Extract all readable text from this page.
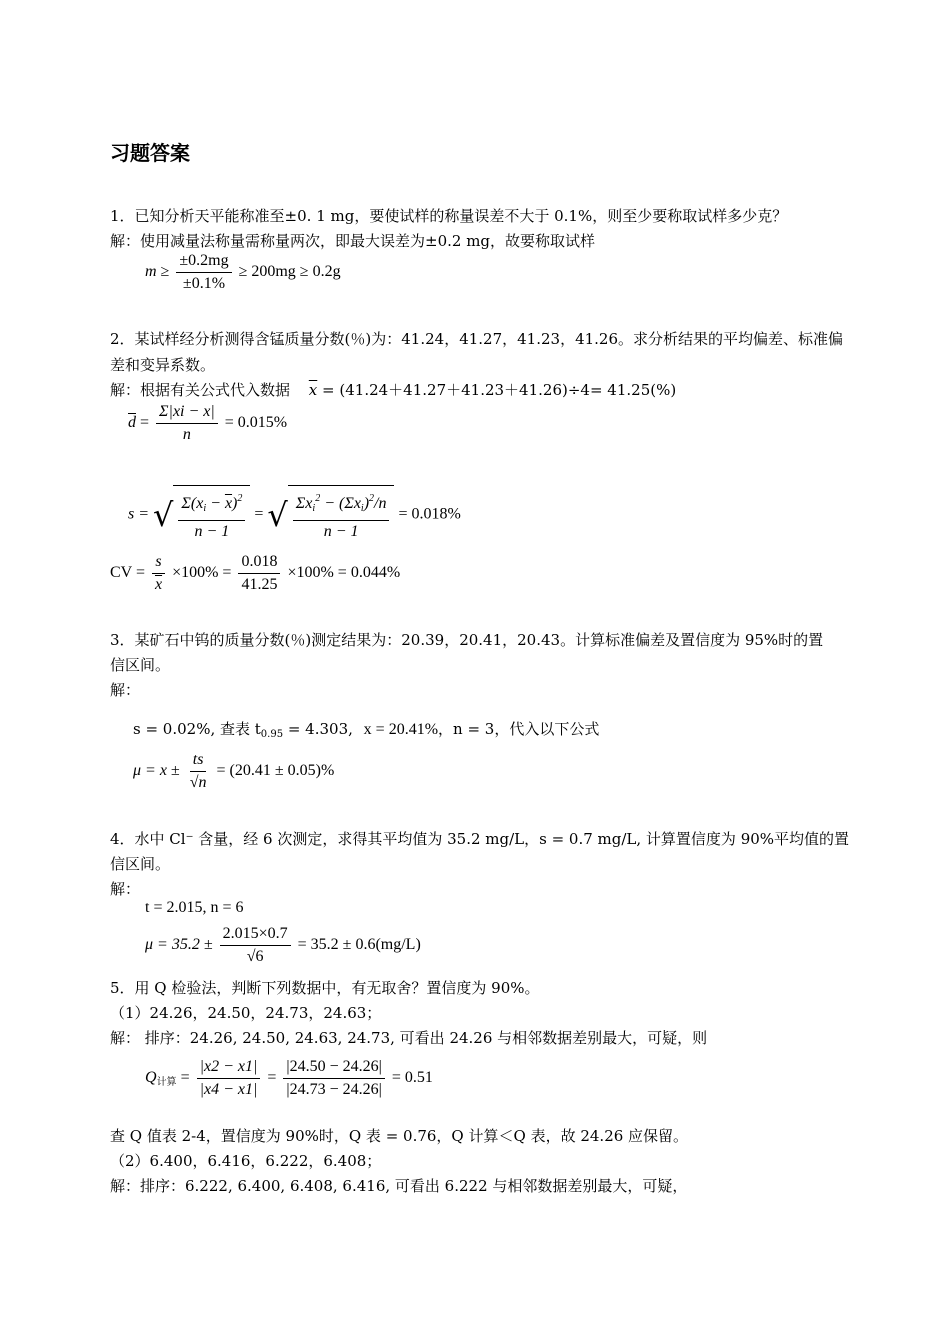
习题答案
1．已知分析天平能称准至±0. 1 mg，要使试样的称量误差不大于 0.1%，则至少要称取试样多少克？
解：使用减量法称量需称量两次，即最大误差为±0.2 mg，故要称取试样
$m \ge \frac{\pm 0.2mg}{\pm 0.1\%} \ge 200mg \ge 0.2g$
2．某试样经分析测得含锰质量分数(％)为：41.24，41.27，41.23，41.26。求分析结果的平均偏差、标准偏
差和变异系数。
解：根据有关公式代入数据 $\overline{x} = (41.24+41.27+41.23+41.26)\div 4= 41.25(\%)$
$\overline{d} = \frac{\Sigma|xi - x|}{n} = 0.015\%$
s = √ $\frac{\Sigma(x_i - \overline{x})^2}{n - 1}$ = √ $\frac{\Sigma x_i^2 - (\Sigma x_i)^2/n}{n - 1} = 0.018\%$
CV = $\frac{s}{x} \times 100\% = \frac{0.018}{41.25} \times 100\% = 0.044\%$
3．某矿石中钨的质量分数(％)测定结果为：20.39，20.41，20.43。计算标准偏差及置信度为 95%时的置
信区间。
解：
s = 0.02%, 查表 $t_{0.95} = 4.303$, x = 20.41%，n = 3，代入以下公式
$\mu = x \pm \frac{ts}{√n} = (20.41 \pm 0.05)\%$
4．水中 Cl⁻ 含量，经 6 次测定，求得其平均值为 35.2 mg/L，s = 0.7 mg/L, 计算置信度为 90%平均值的置
信区间。
解：
t = 2.015, n = 6
$\mu = 35.2 \pm \frac{2.015\times 0.7}{√6} = 35.2 \pm 0.6(mg/L)$
5．用 Q 检验法，判断下列数据中，有无取舍？置信度为 90%。
（1）24.26，24.50，24.73，24.63；
解： 排序：24.26, 24.50, 24.63, 24.73, 可看出 24.26 与相邻数据差别最大，可疑，则
$Q_{计算} = \frac{|x2 - x1|}{|x4 - x1|} = \frac{|24.50 - 24.26|}{|24.73 - 24.26|} = 0.51$
查 Q 值表 2-4，置信度为 90%时，Q 表 = 0.76，Q 计算＜Q 表，故 24.26 应保留。
（2）6.400，6.416，6.222，6.408；
解：排序：6.222, 6.400, 6.408, 6.416, 可看出 6.222 与相邻数据差别最大，可疑，
